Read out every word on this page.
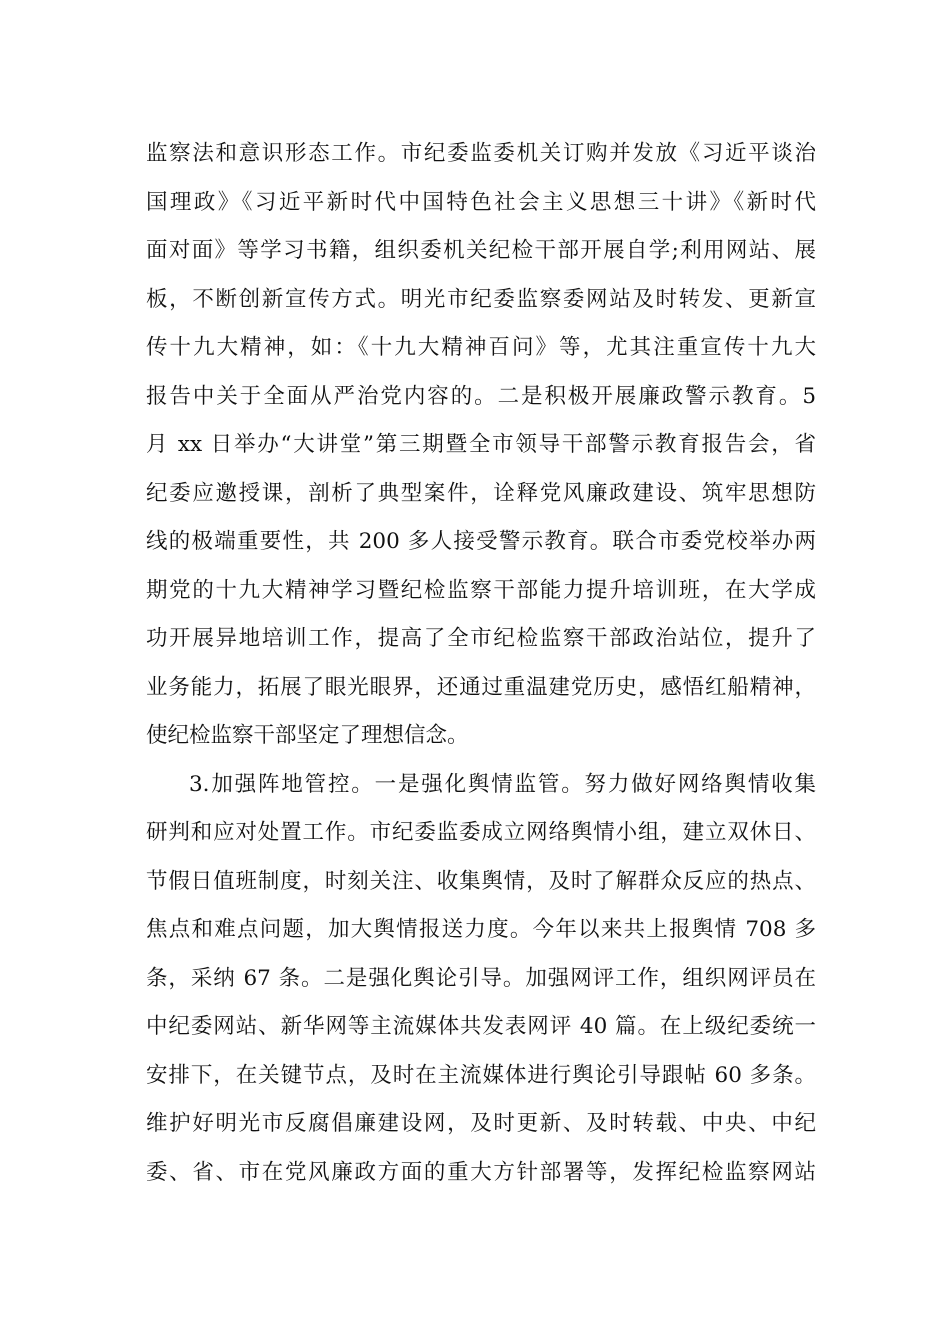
监察法和意识形态工作。市纪委监委机关订购并发放《习近平谈治
国理政》《习近平新时代中国特色社会主义思想三十讲》《新时代
面对面》等学习书籍，组织委机关纪检干部开展自学;利用网站、展
板，不断创新宣传方式。明光市纪委监察委网站及时转发、更新宣
传十九大精神，如：《十九大精神百问》等，尤其注重宣传十九大
报告中关于全面从严治党内容的。二是积极开展廉政警示教育。5
月 xx 日举办“大讲堂”第三期暨全市领导干部警示教育报告会，省
纪委应邀授课，剖析了典型案件，诠释党风廉政建设、筑牢思想防
线的极端重要性，共 200 多人接受警示教育。联合市委党校举办两
期党的十九大精神学习暨纪检监察干部能力提升培训班，在大学成
功开展异地培训工作，提高了全市纪检监察干部政治站位，提升了
业务能力，拓展了眼光眼界，还通过重温建党历史，感悟红船精神，
使纪检监察干部坚定了理想信念。
3.加强阵地管控。一是强化舆情监管。努力做好网络舆情收集
研判和应对处置工作。市纪委监委成立网络舆情小组，建立双休日、
节假日值班制度，时刻关注、收集舆情，及时了解群众反应的热点、
焦点和难点问题，加大舆情报送力度。今年以来共上报舆情 708 多
条，采纳 67 条。二是强化舆论引导。加强网评工作，组织网评员在
中纪委网站、新华网等主流媒体共发表网评 40 篇。在上级纪委统一
安排下，在关键节点，及时在主流媒体进行舆论引导跟帖 60 多条。
维护好明光市反腐倡廉建设网，及时更新、及时转载、中央、中纪
委、省、市在党风廉政方面的重大方针部署等，发挥纪检监察网站
